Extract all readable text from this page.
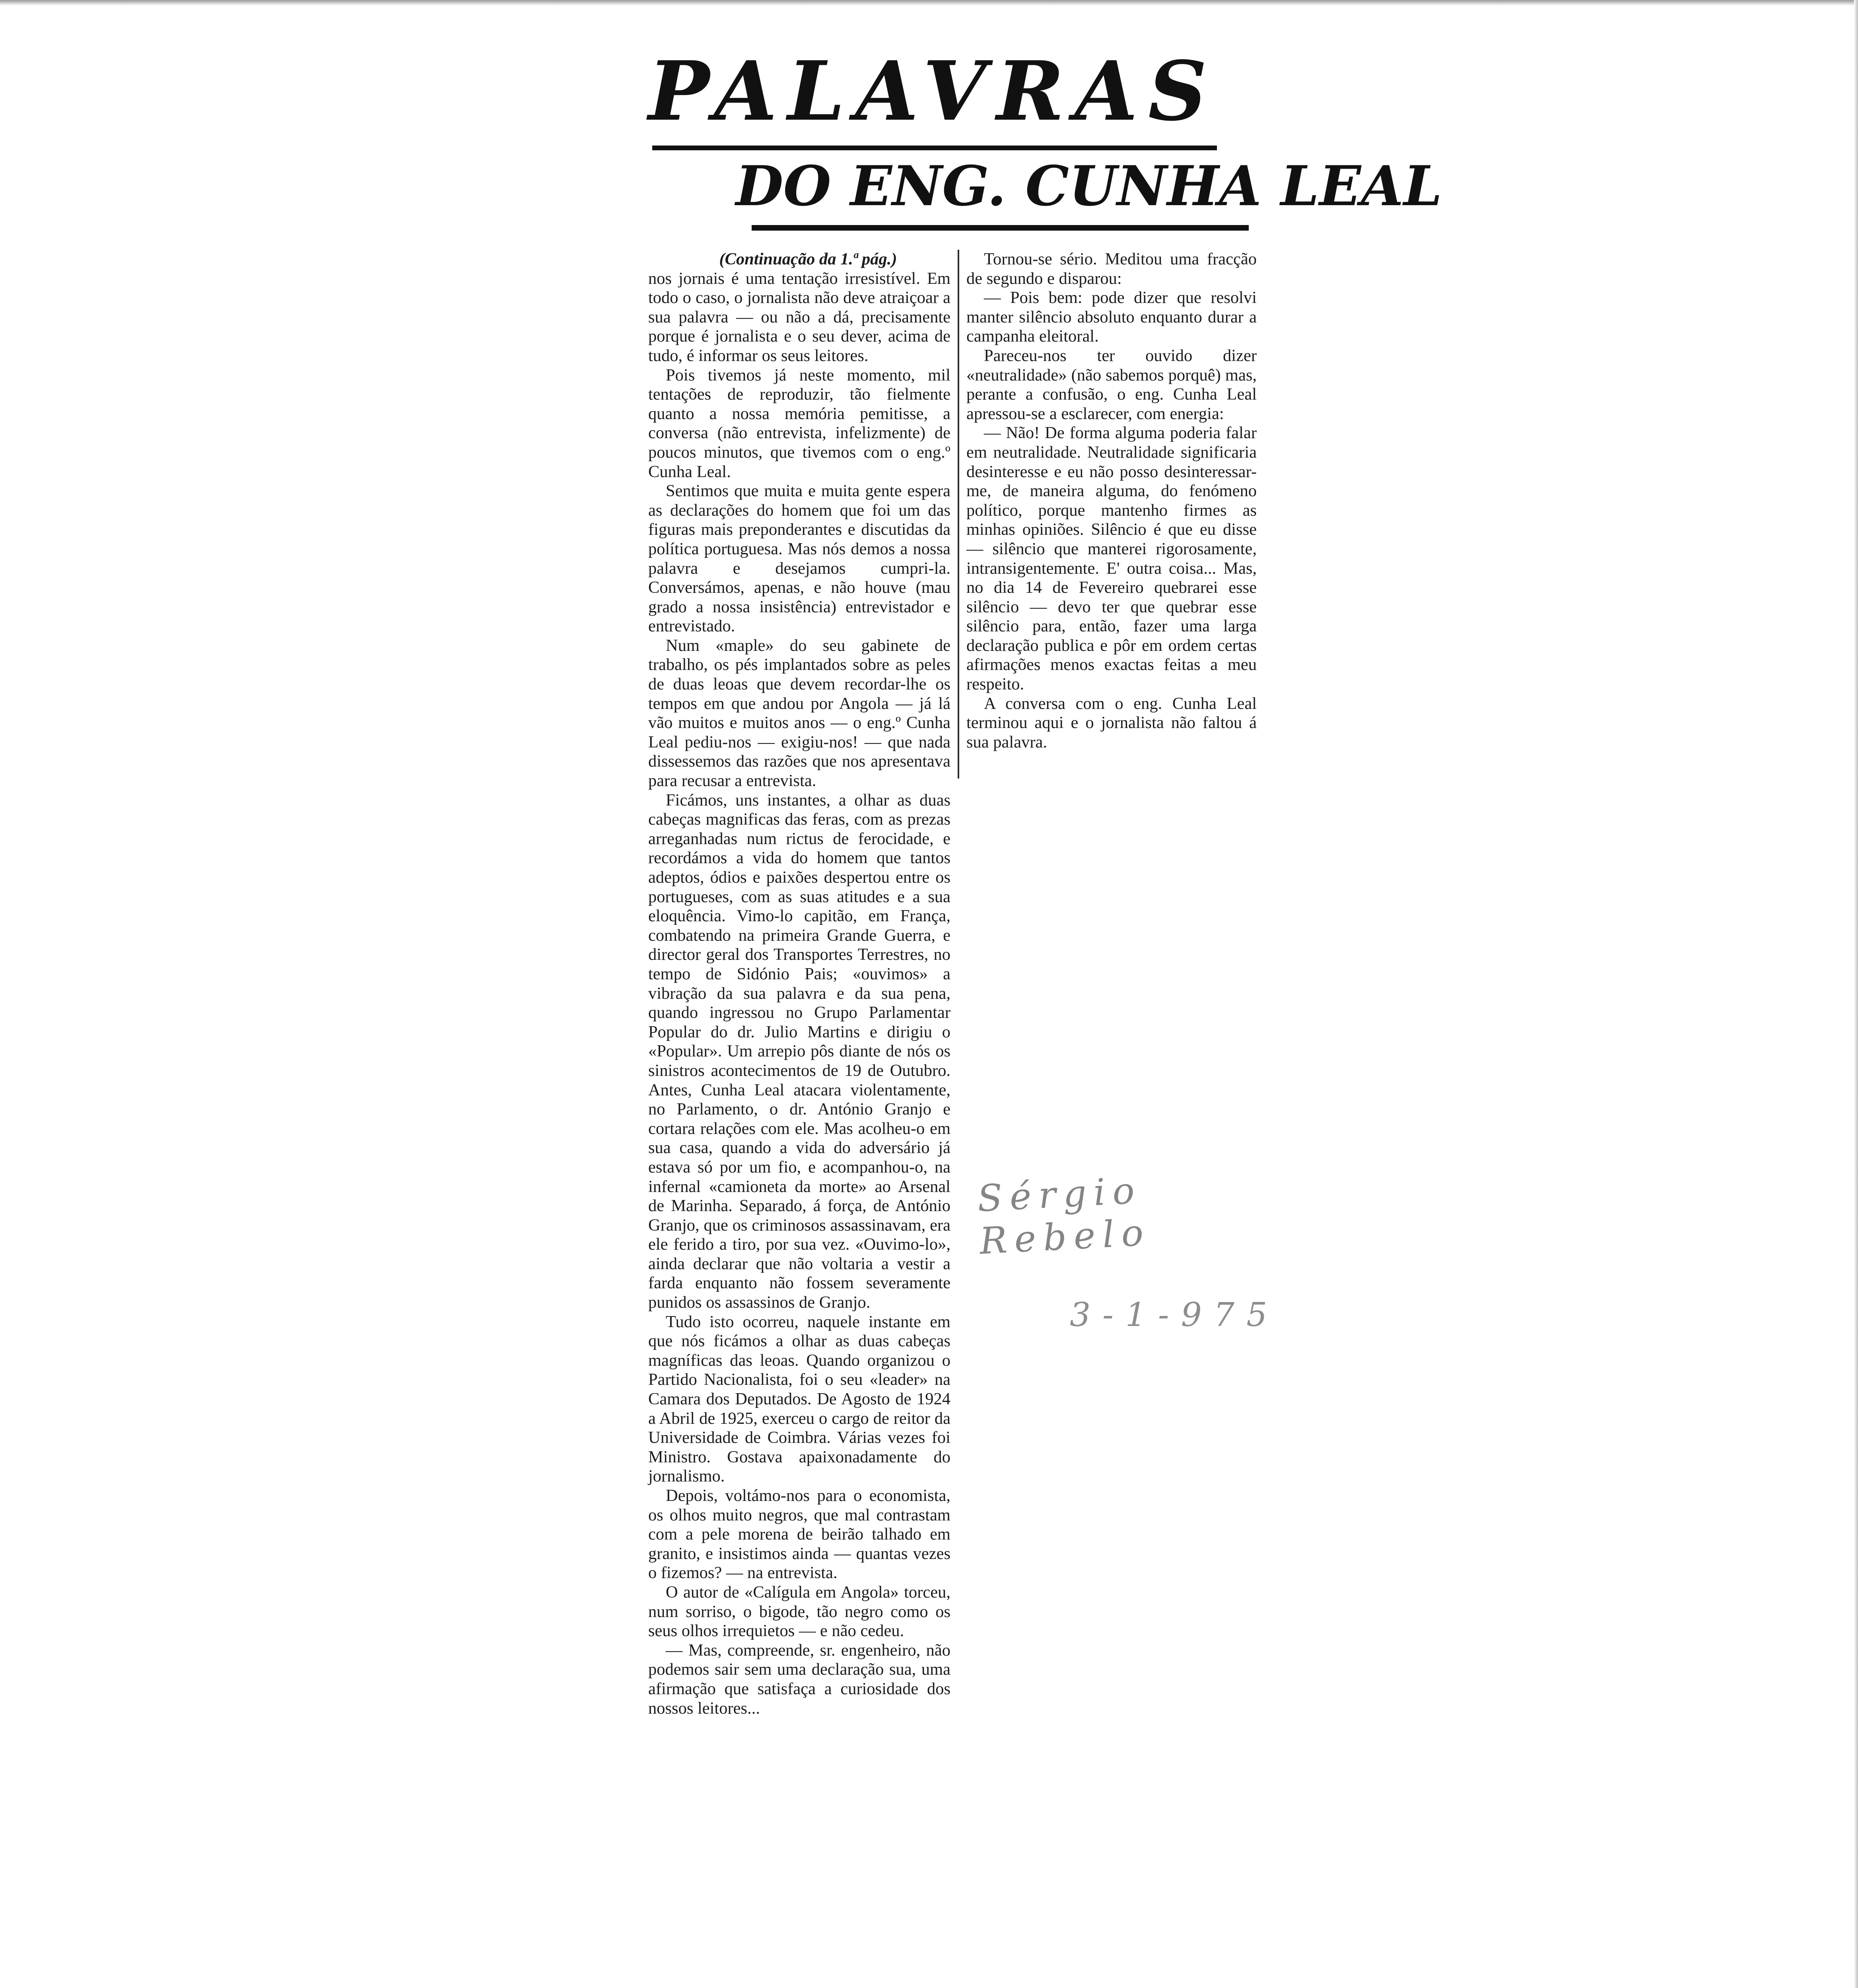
PALAVRAS
DO ENG. CUNHA LEAL

(Continuação da 1.ª pág.)

nos jornais é uma tentação irresistível. Em todo o caso, o jornalista não deve atraiçoar a sua palavra — ou não a dá, precisamente porque é jornalista e o seu dever, acima de tudo, é informar os seus leitores.

Pois tivemos já neste momento, mil tentações de reproduzir, tão fielmente quanto a nossa memória pemitisse, a conversa (não entrevista, infelizmente) de poucos minutos, que tivemos com o eng.º Cunha Leal.

Sentimos que muita e muita gente espera as declarações do homem que foi um das figuras mais preponderantes e discutidas da política portuguesa. Mas nós demos a nossa palavra e desejamos cumpri-la. Conversámos, apenas, e não houve (mau grado a nossa insistência) entrevistador e entrevistado.

Num «maple» do seu gabinete de trabalho, os pés implantados sobre as peles de duas leoas que devem recordar-lhe os tempos em que andou por Angola — já lá vão muitos e muitos anos — o eng.º Cunha Leal pediu-nos — exigiu-nos! — que nada dissessemos das razões que nos apresentava para recusar a entrevista.

Ficámos, uns instantes, a olhar as duas cabeças magnificas das feras, com as prezas arreganhadas num rictus de ferocidade, e recordámos a vida do homem que tantos adeptos, ódios e paixões despertou entre os portugueses, com as suas atitudes e a sua eloquência. Vimo-lo capitão, em França, combatendo na primeira Grande Guerra, e director geral dos Transportes Terrestres, no tempo de Sidónio Pais; «ouvimos» a vibração da sua palavra e da sua pena, quando ingressou no Grupo Parlamentar Popular do dr. Julio Martins e dirigiu o «Popular». Um arrepio pôs diante de nós os sinistros acontecimentos de 19 de Outubro. Antes, Cunha Leal atacara violentamente, no Parlamento, o dr. António Granjo e cortara relações com ele. Mas acolheu-o em sua casa, quando a vida do adversário já estava só por um fio, e acompanhou-o, na infernal «camioneta da morte» ao Arsenal de Marinha. Separado, á força, de António Granjo, que os criminosos assassinavam, era ele ferido a tiro, por sua vez. «Ouvimo-lo», ainda declarar que não voltaria a vestir a farda enquanto não fossem severamente punidos os assassinos de Granjo.

Tudo isto ocorreu, naquele instante em que nós ficámos a olhar as duas cabeças magníficas das leoas. Quando organizou o Partido Nacionalista, foi o seu «leader» na Camara dos Deputados. De Agosto de 1924 a Abril de 1925, exerceu o cargo de reitor da Universidade de Coimbra. Várias vezes foi Ministro. Gostava apaixonadamente do jornalismo.

Depois, voltámo-nos para o economista, os olhos muito negros, que mal contrastam com a pele morena de beirão talhado em granito, e insistimos ainda — quantas vezes o fizemos? — na entrevista.

O autor de «Calígula em Angola» torceu, num sorriso, o bigode, tão negro como os seus olhos irrequietos — e não cedeu.

— Mas, compreende, sr. engenheiro, não podemos sair sem uma declaração sua, uma afirmação que satisfaça a curiosidade dos nossos leitores...

Tornou-se sério. Meditou uma fracção de segundo e disparou:

— Pois bem: pode dizer que resolvi manter silêncio absoluto enquanto durar a campanha eleitoral.

Pareceu-nos ter ouvido dizer «neutralidade» (não sabemos porquê) mas, perante a confusão, o eng. Cunha Leal apressou-se a esclarecer, com energia:

— Não! De forma alguma poderia falar em neutralidade. Neutralidade significaria desinteresse e eu não posso desinteressar-me, de maneira alguma, do fenómeno político, porque mantenho firmes as minhas opiniões. Silêncio é que eu disse — silêncio que manterei rigorosamente, intransigentemente. E' outra coisa... Mas, no dia 14 de Fevereiro quebrarei esse silêncio — devo ter que quebrar esse silêncio para, então, fazer uma larga declaração publica e pôr em ordem certas afirmações menos exactas feitas a meu respeito.

A conversa com o eng. Cunha Leal terminou aqui e o jornalista não faltou á sua palavra.

Sérgio Rebelo
3-1-975
